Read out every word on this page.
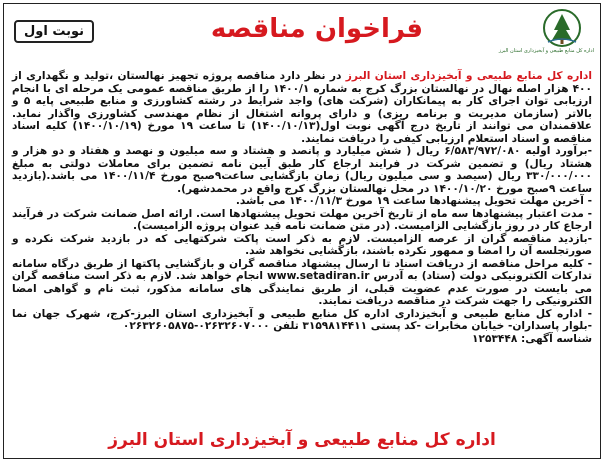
نوبت اول	فراخوان مناقصه
اداره کل منابع طبیعی و آبخیزداری استان البرز

اداره کل منابع طبیعی و آبخیزداری استان البرز در نظر دارد مناقصه پروژه تجهیز نهالستان ،تولید و نگهداری از ۴۰۰ هزار اصله نهال در نهالستان بزرگ کرج به شماره ۱۴۰۰/۱ را از طریق مناقصه عمومی یک مرحله ای با انجام ارزیابی توان اجرای کار به پیمانکاران (شرکت های) واجد شرایط در رشته کشاورزی و منابع طبیعی پایه ۵ و بالاتر (سازمان مدیریت و برنامه ریزی) و دارای پروانه اشتغال از نظام مهندسی کشاورزی واگذار نماید. علاقمندان می توانند از تاریخ درج آگهی نوبت اول(۱۴۰۰/۱۰/۱۳) تا ساعت ۱۹ مورخ (۱۴۰۰/۱۰/۱۹) کلیه اسناد مناقصه و اسناد استعلام ارزیابی کیفی را دریافت نمایند.

-برآورد اولیه ۶/۵۸۳/۹۷۲/۰۸۰ ریال ( شش میلیارد و پانصد و هشتاد و سه میلیون و نهصد و هفتاد و دو هزار و هشتاد ریال) و تضمین شرکت در فرایند ارجاع کار طبق آیین نامه تضمین برای معاملات دولتی به مبلغ ۳۳۰/۰۰۰/۰۰۰ ریال (سیصد و سی میلیون ریال) زمان بازگشایی ساعت۹صبح مورخ ۱۴۰۰/۱۱/۴ می باشد.(بازدید ساعت ۹صبح مورخ ۱۴۰۰/۱۰/۲۰ در محل نهالستان بزرگ کرج واقع در محمدشهر).

- آخرین مهلت تحویل پیشنهادها ساعت ۱۹ مورخ ۱۴۰۰/۱۱/۳ می باشد.

- مدت اعتبار پیشنهادها سه ماه از تاریخ آخرین مهلت تحویل پیشنهادها است. ارائه اصل ضمانت شرکت در فرآیند ارجاع کار در روز بازگشایی الزامیست. (در متن ضمانت نامه قید عنوان پروژه الزامیست).

-بازدید مناقصه گران از عرصه الزامیست. لازم به ذکر است پاکت شرکتهایی که در بازدید شرکت نکرده و صورتجلسه آن را امضا و ممهور نکرده باشند، بازگشایی نخواهد شد.

- کلیه مراحل مناقصه از دریافت اسناد تا ارسال پیشنهاد مناقصه گران و بازگشایی پاکتها از طریق درگاه سامانه تدارکات الکترونیکی دولت (ستاد) به آدرس www.setadiran.ir انجام خواهد شد. لازم به ذکر است مناقصه گران می بایست در صورت عدم عضویت قبلی، از طریق نمایندگی های سامانه مذکور، ثبت نام و گواهی امضا الکترونیکی را جهت شرکت در مناقصه دریافت نمایند.

- اداره کل منابع طبیعی و آبخیزداری اداره کل منابع طبیعی و آبخیزداری استان البرز-کرج، شهرک جهان نما -بلوار پاسداران- خیابان مخابرات -کد پستی ۳۱۵۹۸۱۴۴۱۱ تلفن ۰۲۶۳۲۶۰۷۰۰۰-۰۲۶۳۲۶۰۵۸۷۵

شناسه آگهی: ۱۲۵۳۴۴۸

اداره کل منابع طبیعی و آبخیزداری استان البرز
